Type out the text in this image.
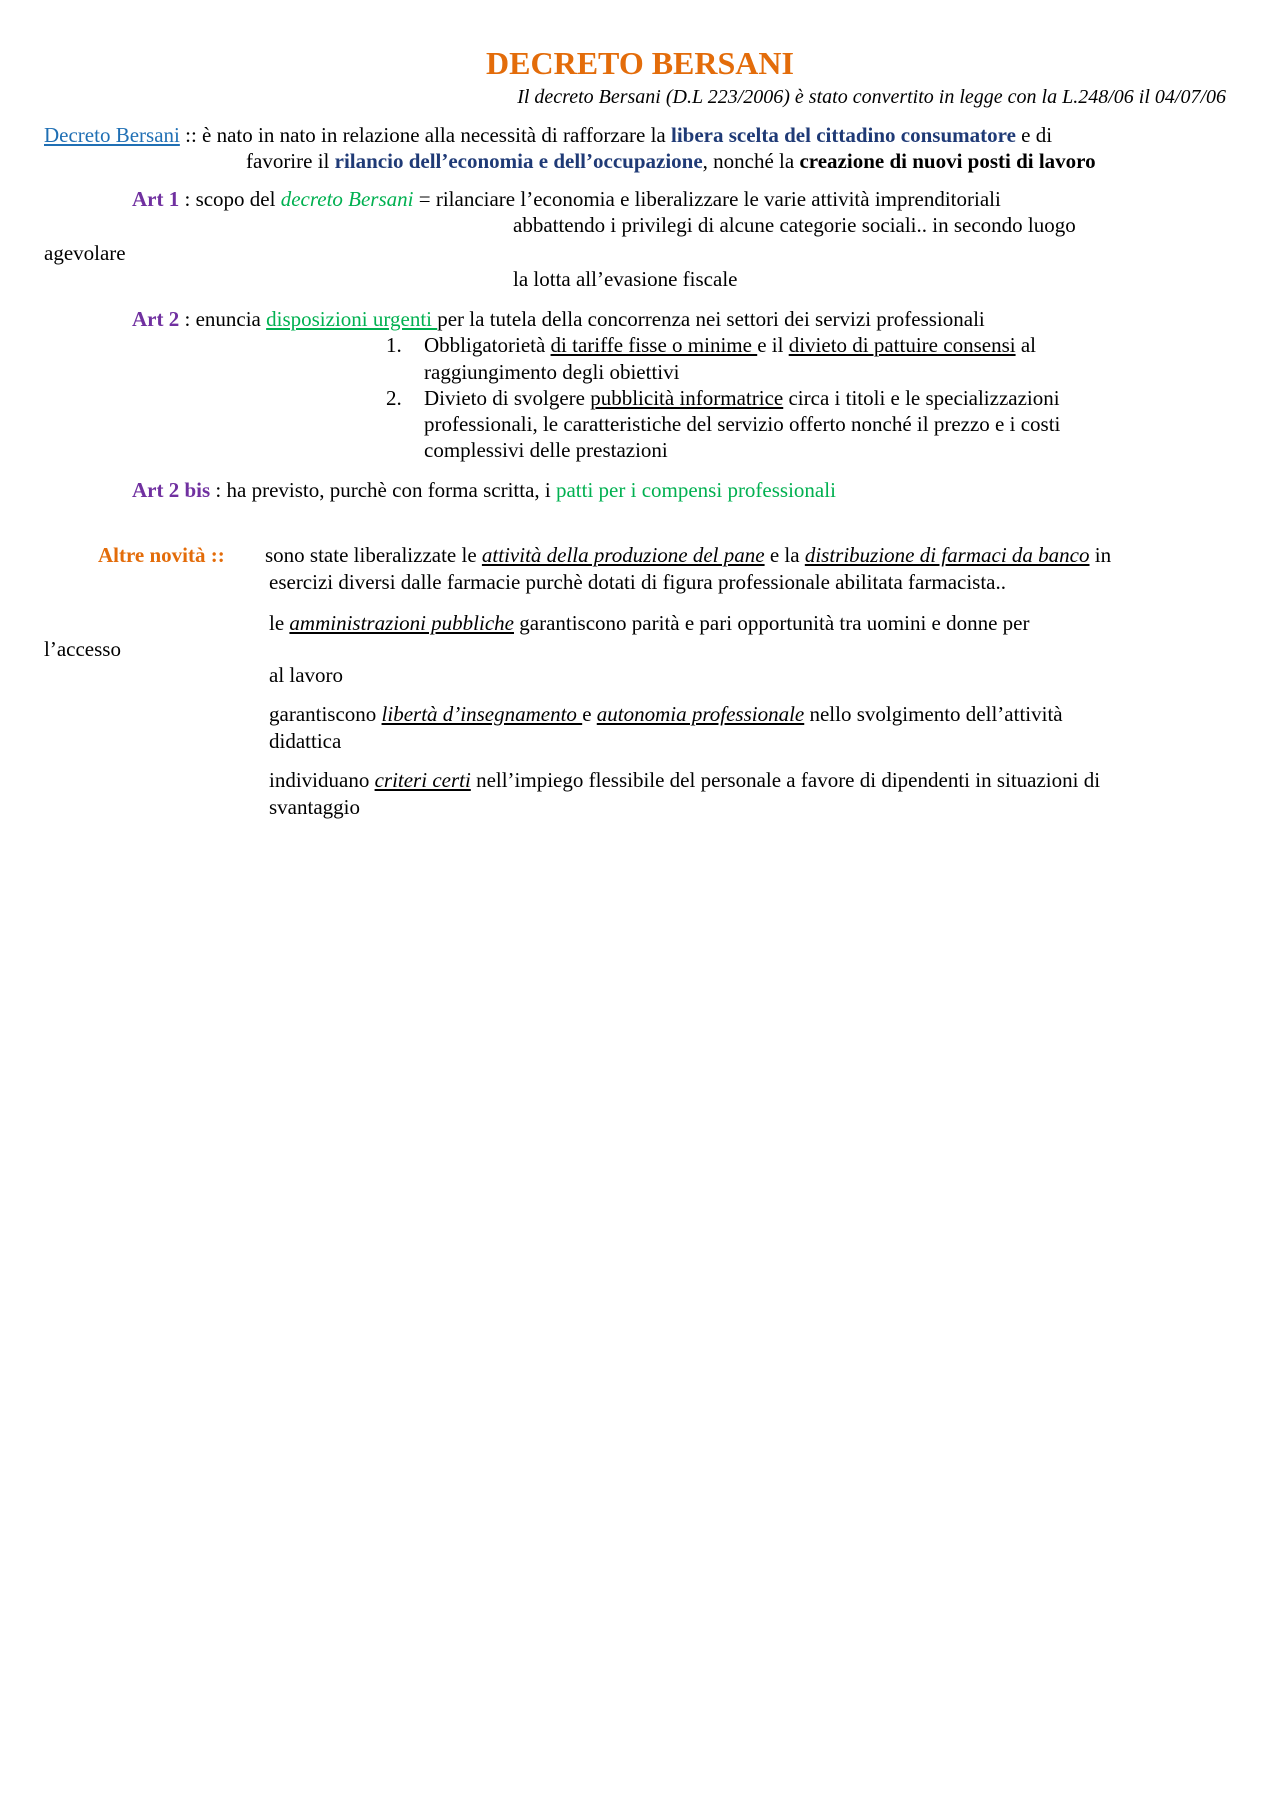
DECRETO BERSANI
Il decreto Bersani (D.L 223/2006) è stato convertito in legge con la L.248/06 il 04/07/06
Decreto Bersani :: è nato in nato in relazione alla necessità di rafforzare la libera scelta del cittadino consumatore e di
favorire il rilancio dell’economia e dell’occupazione, nonché la creazione di nuovi posti di lavoro
Art 1 : scopo del decreto Bersani = rilanciare l’economia e liberalizzare le varie attività imprenditoriali
abbattendo i privilegi di alcune categorie sociali.. in secondo luogo
agevolare
la lotta all’evasione fiscale
Art 2 : enuncia disposizioni urgenti per la tutela della concorrenza nei settori dei servizi professionali
1. Obbligatorietà di tariffe fisse o minime e il divieto di pattuire consensi al
raggiungimento degli obiettivi
2. Divieto di svolgere pubblicità informatrice circa i titoli e le specializzazioni
professionali, le caratteristiche del servizio offerto nonché il prezzo e i costi
complessivi delle prestazioni
Art 2 bis : ha previsto, purchè con forma scritta, i patti per i compensi professionali
Altre novità :: sono state liberalizzate le attività della produzione del pane e la distribuzione di farmaci da banco in
esercizi diversi dalle farmacie purchè dotati di figura professionale abilitata farmacista..
le amministrazioni pubbliche garantiscono parità e pari opportunità tra uomini e donne per
l’accesso
al lavoro
garantiscono libertà d’insegnamento e autonomia professionale nello svolgimento dell’attività
didattica
individuano criteri certi nell’impiego flessibile del personale a favore di dipendenti in situazioni di
svantaggio
